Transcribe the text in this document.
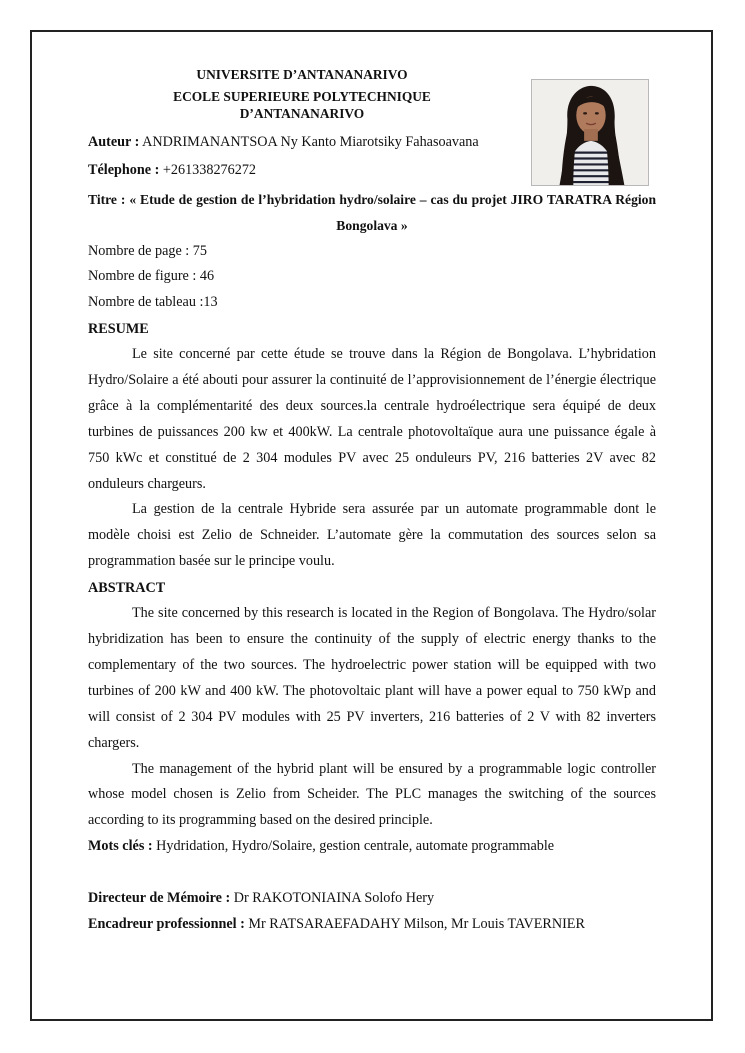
UNIVERSITE D’ANTANANARIVO
ECOLE SUPERIEURE POLYTECHNIQUE
D’ANTANANARIVO
Auteur : ANDRIMANANTSOA Ny Kanto Miarotsiky Fahasoavana
Télephone : +261338276272
Titre : « Etude de gestion de l’hybridation hydro/solaire – cas du projet JIRO TARATRA Région Bongolava »
Nombre de page : 75
Nombre de figure : 46
Nombre de tableau :13
RESUME

Le site concerné par cette étude se trouve dans la Région de Bongolava. L’hybridation Hydro/Solaire a été abouti pour assurer la continuité de l’approvisionnement de l’énergie électrique grâce à la complémentarité des deux sources.la centrale hydroélectrique sera équipé de deux turbines de puissances 200 kw et 400kW. La centrale photovoltaïque aura une puissance égale à 750 kWc et constitué de 2 304 modules PV avec 25 onduleurs PV, 216 batteries 2V avec 82 onduleurs chargeurs.

La gestion de la centrale Hybride sera assurée par un automate programmable dont le modèle choisi est Zelio de Schneider. L’automate gère la commutation des sources selon sa programmation basée sur le principe voulu.

ABSTRACT

The site concerned by this research is located in the Region of Bongolava. The Hydro/solar hybridization has been to ensure the continuity of the supply of electric energy thanks to the complementary of the two sources. The hydroelectric power station will be equipped with two turbines of 200 kW and 400 kW. The photovoltaic plant will have a power equal to 750 kWp and will consist of 2 304 PV modules with 25 PV inverters, 216 batteries of 2 V with 82 inverters chargers.

The management of the hybrid plant will be ensured by a programmable logic controller whose model chosen is Zelio from Scheider. The PLC manages the switching of the sources according to its programming based on the desired principle.

Mots clés : Hydridation, Hydro/Solaire, gestion centrale, automate programmable
Directeur de Mémoire : Dr RAKOTONIAINA Solofo Hery
Encadreur professionnel : Mr RATSARAEFADAHY Milson, Mr Louis TAVERNIER
